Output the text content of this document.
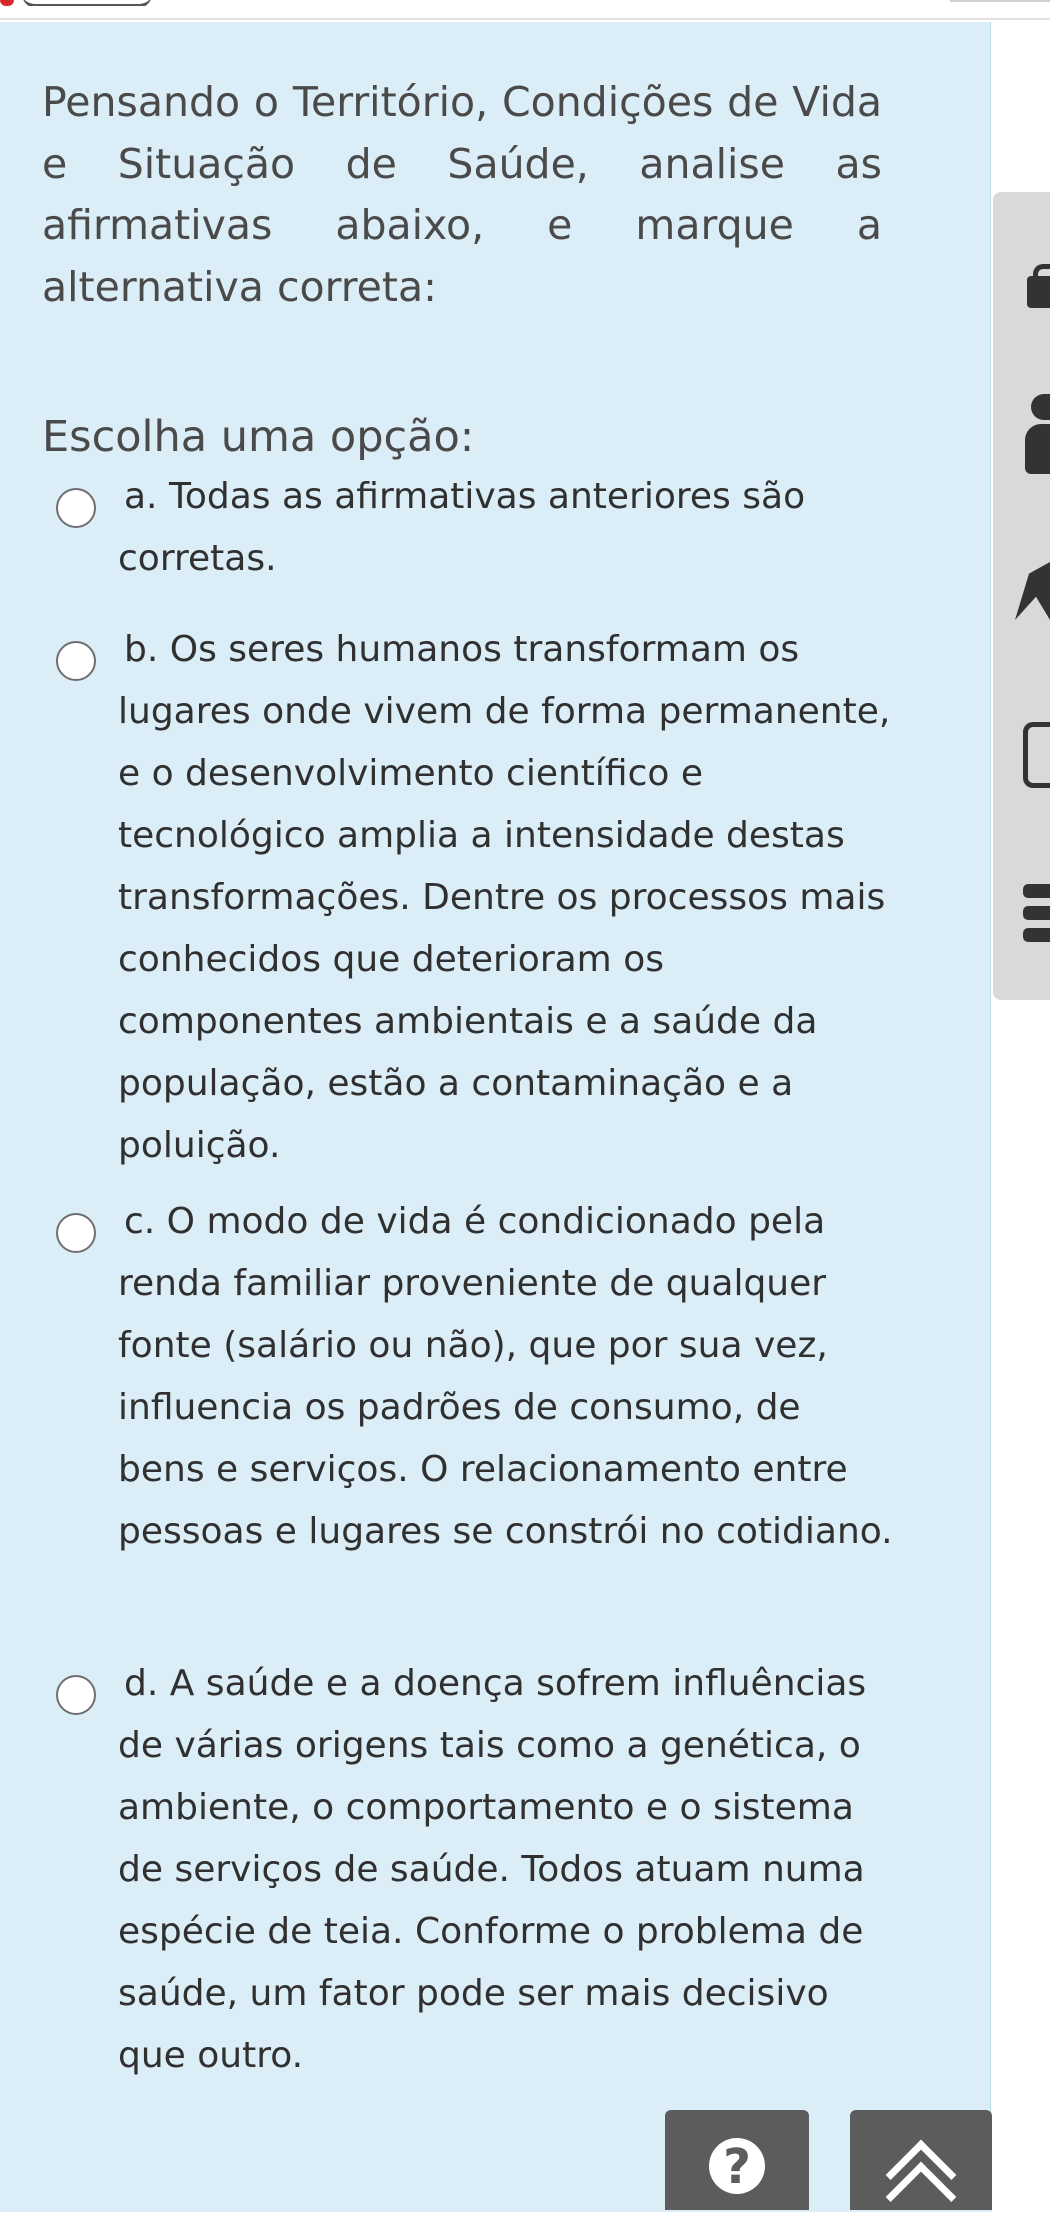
Pensando o Território, Condições de Vida e Situação de Saúde, analise as afirmativas abaixo, e marque a alternativa correta:

Escolha uma opção:

a. Todas as afirmativas anteriores são corretas.

b. Os seres humanos transformam os lugares onde vivem de forma permanente, e o desenvolvimento científico e tecnológico amplia a intensidade destas transformações. Dentre os processos mais conhecidos que deterioram os componentes ambientais e a saúde da população, estão a contaminação e a poluição.

c. O modo de vida é condicionado pela renda familiar proveniente de qualquer fonte (salário ou não), que por sua vez, influencia os padrões de consumo, de bens e serviços. O relacionamento entre pessoas e lugares se constrói no cotidiano.

d. A saúde e a doença sofrem influências de várias origens tais como a genética, o ambiente, o comportamento e o sistema de serviços de saúde. Todos atuam numa espécie de teia. Conforme o problema de saúde, um fator pode ser mais decisivo que outro.

?
